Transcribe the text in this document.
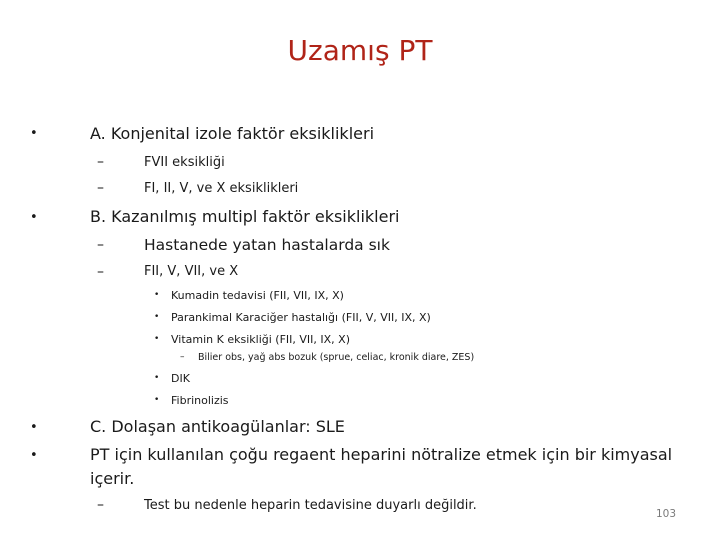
Uzamış PT
•	A. Konjenital izole faktör eksiklikleri
–	FVII eksikliği
–	FI, II, V, ve X eksiklikleri
•	B. Kazanılmış multipl faktör eksiklikleri
–	Hastanede yatan hastalarda sık
–	FII, V, VII, ve X
• Kumadin tedavisi (FII, VII, IX, X)
• Parankimal Karaciğer hastalığı (FII, V, VII, IX, X)
• Vitamin K eksikliği (FII, VII, IX, X)
– Bilier obs, yağ abs bozuk (sprue, celiac, kronik diare, ZES)
• DIK
• Fibrinolizis
•	C. Dolaşan antikoagülanlar: SLE
•	PT için kullanılan çoğu regaent heparini nötralize etmek için bir kimyasal
içerir.
–	Test bu nedenle heparin tedavisine duyarlı değildir.
103
